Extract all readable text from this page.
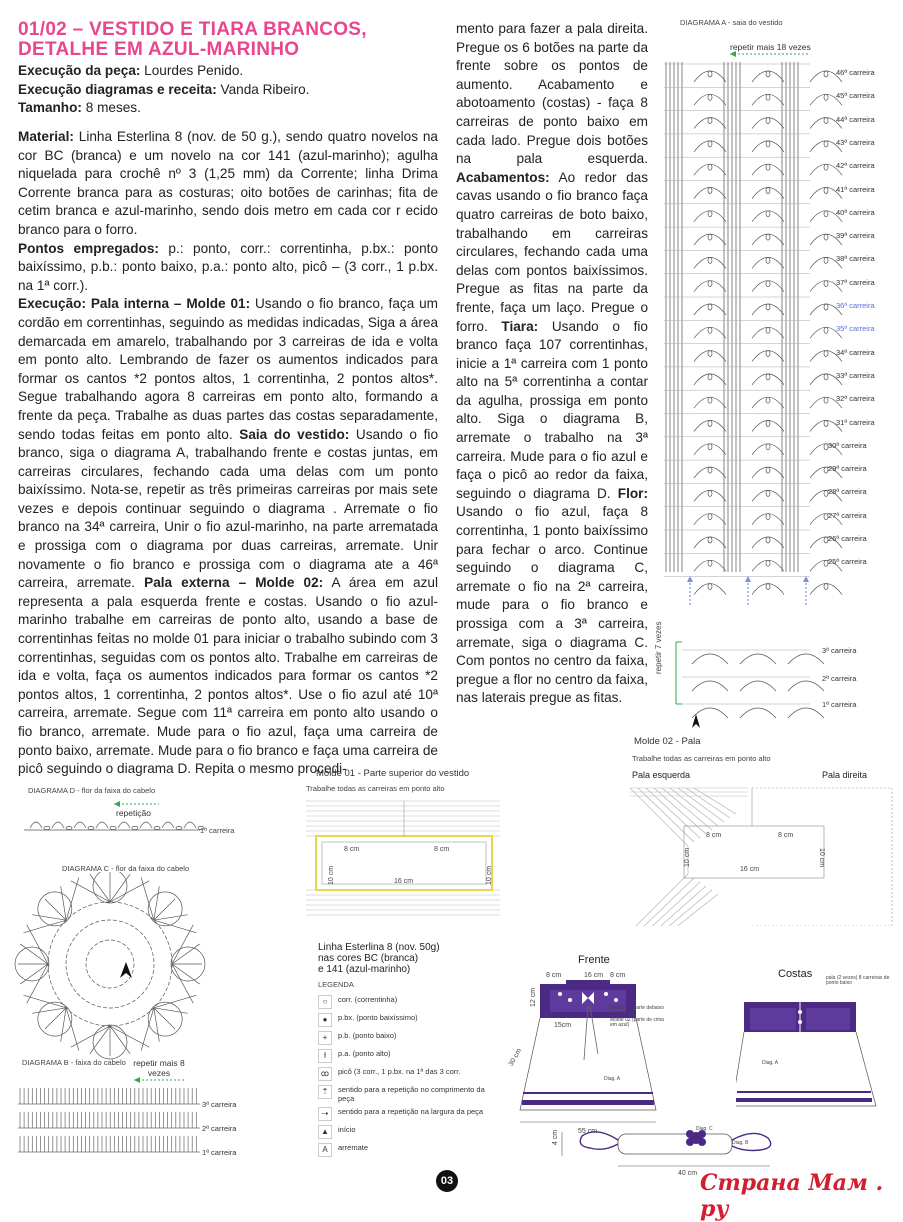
01/02 – VESTIDO E TIARA BRANCOS,
DETALHE EM AZUL-MARINHO
Execução da peça: Lourdes Penido.
Execução diagramas e receita: Vanda Ribeiro.
Tamanho: 8 meses.
Material: Linha Esterlina 8 (nov. de 50 g.), sendo quatro novelos na cor BC (branca) e um novelo na cor 141 (azul-marinho); agulha niquelada para crochê nº 3 (1,25 mm) da Corrente; linha Drima Corrente branca para as costuras; oito botões de carinhas; fita de cetim branca e azul-marinho, sendo dois metro em cada cor r ecido branco para o forro.
Pontos empregados: p.: ponto, corr.: correntinha, p.bx.: ponto baixíssimo, p.b.: ponto baixo, p.a.: ponto alto, picô – (3 corr., 1 p.bx. na 1ª corr.).
Execução: Pala interna – Molde 01: Usando o fio branco, faça um cordão em correntinhas, seguindo as medidas indicadas, Siga a área demarcada em amarelo, trabalhando por 3 carreiras de ida e volta em ponto alto. Lembrando de fazer os aumentos indicados para formar os cantos *2 pontos altos, 1 correntinha, 2 pontos altos*. Segue trabalhando agora 8 carreiras em ponto alto, formando a frente da peça. Trabalhe as duas partes das costas separadamente, sendo todas feitas em ponto alto. Saia do vestido: Usando o fio branco, siga o diagrama A, trabalhando frente e costas juntas, em carreiras circulares, fechando cada uma delas com um ponto baixíssimo. Nota-se, repetir as três primeiras carreiras por mais sete vezes e depois continuar seguindo o diagrama . Arremate o fio branco na 34ª carreira, Unir o fio azul-marinho, na parte arrematada e prossiga com o diagrama por duas carreiras, arremate. Unir novamente o fio branco e prossiga com o diagrama ate a 46ª carreira, arremate. Pala externa – Molde 02: A área em azul representa a pala esquerda frente e costas. Usando o fio azul-marinho trabalhe em carreiras de ponto alto, usando a base de correntinhas feitas no molde 01 para iniciar o trabalho subindo com 3 correntinhas, seguidas com os pontos alto. Trabalhe em carreiras de ida e volta, faça os aumentos indicados para formar os cantos *2 pontos altos, 1 correntinha, 2 pontos altos*. Use o fio azul até 10ª carreira, arremate. Segue com 11ª carreira em ponto alto usando o fio branco, arremate. Mude para o fio azul, faça uma carreira de ponto baixo, arremate. Mude para o fio branco e faça uma carreira de picô seguindo o diagrama D. Repita o mesmo procedi-
mento para fazer a pala direita. Pregue os 6 botões na parte da frente sobre os pontos de aumento. Acabamento e abotoamento (costas) - faça 8 carreiras de ponto baixo em cada lado. Pregue dois botões na pala esquerda. Acabamentos: Ao redor das cavas usando o fio branco faça quatro carreiras de boto baixo, trabalhando em carreiras circulares, fechando cada uma delas com pontos baixíssimos. Pregue as fitas na parte da frente, faça um laço. Pregue o forro. Tiara: Usando o fio branco faça 107 correntinhas, inicie a 1ª carreira com 1 ponto alto na 5ª correntinha a contar da agulha, prossiga em ponto alto. Siga o diagrama B, arremate o trabalho na 3ª carreira. Mude para o fio azul e faça o picô ao redor da faixa, seguindo o diagrama D. Flor: Usando o fio azul, faça 8 correntinha, 1 ponto baixíssimo para fechar o arco. Continue seguindo o diagrama C, arremate o fio na 2ª carreira, mude para o fio branco e prossiga com a 3ª carreira, arremate, siga o diagrama C. Com pontos no centro da faixa, pregue a flor no centro da faixa, nas laterais pregue as fitas.
DIAGRAMA A - saia do vestido
repetir mais 18 vezes
46ª carreira
45ª carreira
44ª carreira
43ª carreira
42ª carreira
41ª carreira
40ª carreira
39ª carreira
38ª carreira
37ª carreira
36ª carreira
35ª carreira
34ª carreira
33ª carreira
32ª carreira
31ª carreira
30ª carreira
29ª carreira
28ª carreira
27ª carreira
26ª carreira
25ª carreira
3ª carreira
2ª carreira
1ª carreira
repetir 7 vezes
DIAGRAMA D - flor da faixa do cabelo
repetição
1ª carreira
DIAGRAMA C - flor da faixa do cabelo
DIAGRAMA B - faixa do cabelo repetir mais 8 vezes
3ª carreira
2ª carreira
1ª carreira
Molde 01 - Parte superior do vestido
Trabalhe todas as carreiras em ponto alto
8 cm	8 cm
16 cm
10 cm	10 cm
Linha Esterlina 8 (nov. 50g)
nas cores BC (branca)
e 141 (azul-marinho)
LEGENDA
○	corr. (correntinha)
●	p.bx. (ponto baixíssimo)
+	p.b. (ponto baixo)
ƚ	p.a. (ponto alto)
ꝏ	picô (3 corr., 1 p.bx. na 1ª das 3 corr.
⇡	sentido para a repetição no comprimento da peça
⇢	sentido para a repetição na largura da peça
▲	início
A	arremate
Molde 02 - Pala
Trabalhe todas as carreiras em ponto alto
Pala esquerda	Pala direita
8 cm	8 cm
16 cm
10 cm	10 cm
Frente
8 cm	16 cm 8 cm
12 cm
15cm
30 cm
55 cm
Molde 01 (parte debaixo em branco)
Molde 02 (parte de cima em azul)
Diag. A
Costas	pala (2 vezes) 8 carreiras de ponto baixo
Diag. A
4 cm
40 cm
Diag. C
Diag. B
03	Страна Мам . ру
